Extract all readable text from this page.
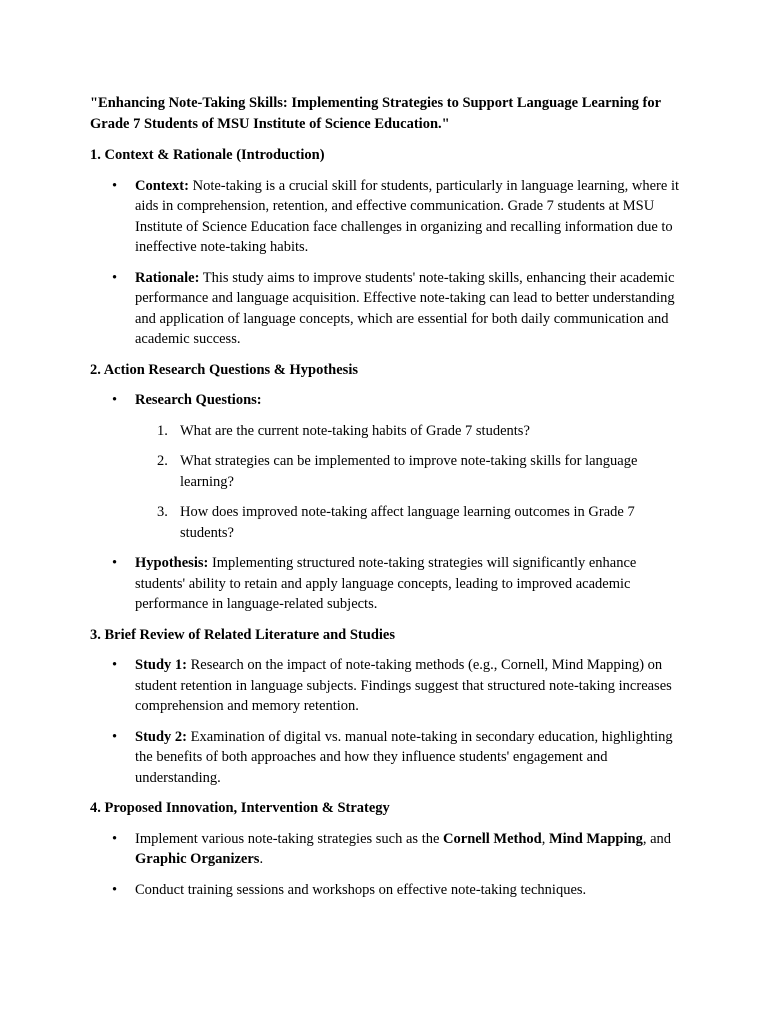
"Enhancing Note-Taking Skills: Implementing Strategies to Support Language Learning for Grade 7 Students of MSU Institute of Science Education."

1. Context & Rationale (Introduction)

• Context: Note-taking is a crucial skill for students, particularly in language learning, where it aids in comprehension, retention, and effective communication. Grade 7 students at MSU Institute of Science Education face challenges in organizing and recalling information due to ineffective note-taking habits.
• Rationale: This study aims to improve students' note-taking skills, enhancing their academic performance and language acquisition. Effective note-taking can lead to better understanding and application of language concepts, which are essential for both daily communication and academic success.

2. Action Research Questions & Hypothesis

• Research Questions:
1. What are the current note-taking habits of Grade 7 students?
2. What strategies can be implemented to improve note-taking skills for language learning?
3. How does improved note-taking affect language learning outcomes in Grade 7 students?
• Hypothesis: Implementing structured note-taking strategies will significantly enhance students' ability to retain and apply language concepts, leading to improved academic performance in language-related subjects.

3. Brief Review of Related Literature and Studies

• Study 1: Research on the impact of note-taking methods (e.g., Cornell, Mind Mapping) on student retention in language subjects. Findings suggest that structured note-taking increases comprehension and memory retention.
• Study 2: Examination of digital vs. manual note-taking in secondary education, highlighting the benefits of both approaches and how they influence students' engagement and understanding.

4. Proposed Innovation, Intervention & Strategy

• Implement various note-taking strategies such as the Cornell Method, Mind Mapping, and Graphic Organizers.
• Conduct training sessions and workshops on effective note-taking techniques.
